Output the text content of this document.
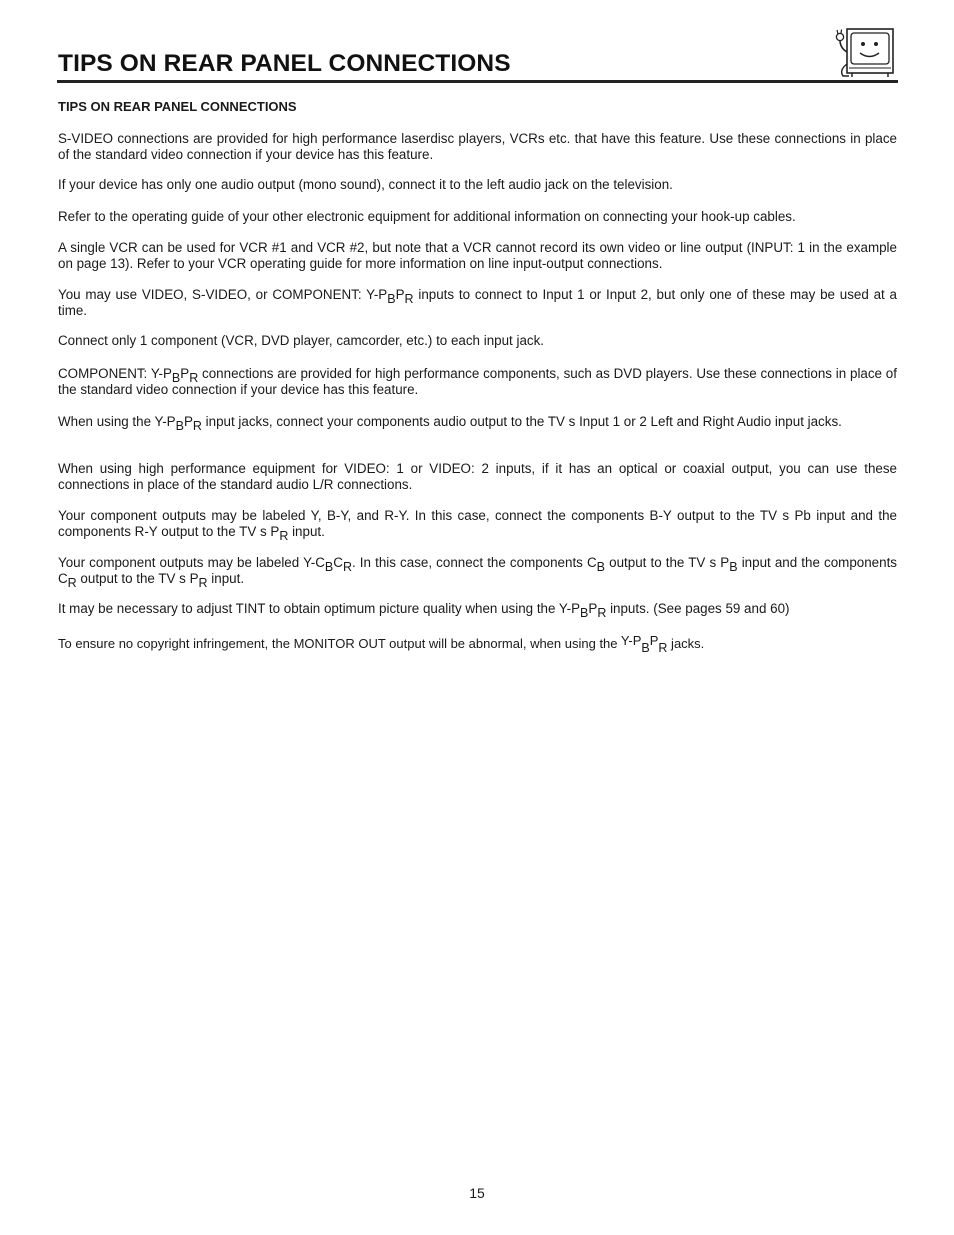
TIPS ON REAR PANEL CONNECTIONS
TIPS ON REAR PANEL CONNECTIONS

S-VIDEO connections are provided for high performance laserdisc players, VCRs etc. that have this feature. Use these connections in place of the standard video connection if your device has this feature.

If your device has only one audio output (mono sound), connect it to the left audio jack on the television.

Refer to the operating guide of your other electronic equipment for additional information on connecting your hook-up cables.

A single VCR can be used for VCR #1 and VCR #2, but note that a VCR cannot record its own video or line output (INPUT: 1 in the example on page 13). Refer to your VCR operating guide for more information on line input-output connections.

You may use VIDEO, S-VIDEO, or COMPONENT: $Y-P_BP_R$ inputs to connect to Input 1 or Input 2, but only one of these may be used at a time.

Connect only 1 component (VCR, DVD player, camcorder, etc.) to each input jack.

COMPONENT: $Y-P_BP_R$ connections are provided for high performance components, such as DVD players. Use these connections in place of the standard video connection if your device has this feature.

When using the $Y-P_BP_R$ input jacks, connect your components audio output to the TV s Input 1 or 2 Left and Right Audio input jacks.

When using high performance equipment for VIDEO: 1 or VIDEO: 2 inputs, if it has an optical or coaxial output, you can use these connections in place of the standard audio L/R connections.

Your component outputs may be labeled Y, B-Y, and R-Y. In this case, connect the components B-Y output to the TV s Pb input and the components R-Y output to the TV s $P_R$ input.

Your component outputs may be labeled $Y-C_BC_R$. In this case, connect the components $C_B$ output to the TV s $P_B$ input and the components $C_R$ output to the TV s $P_R$ input.

It may be necessary to adjust TINT to obtain optimum picture quality when using the $Y-P_BP_R$ inputs. (See pages 59 and 60)

To ensure no copyright infringement, the MONITOR OUT output will be abnormal, when using the $Y-P_BP_R$ jacks.

15
